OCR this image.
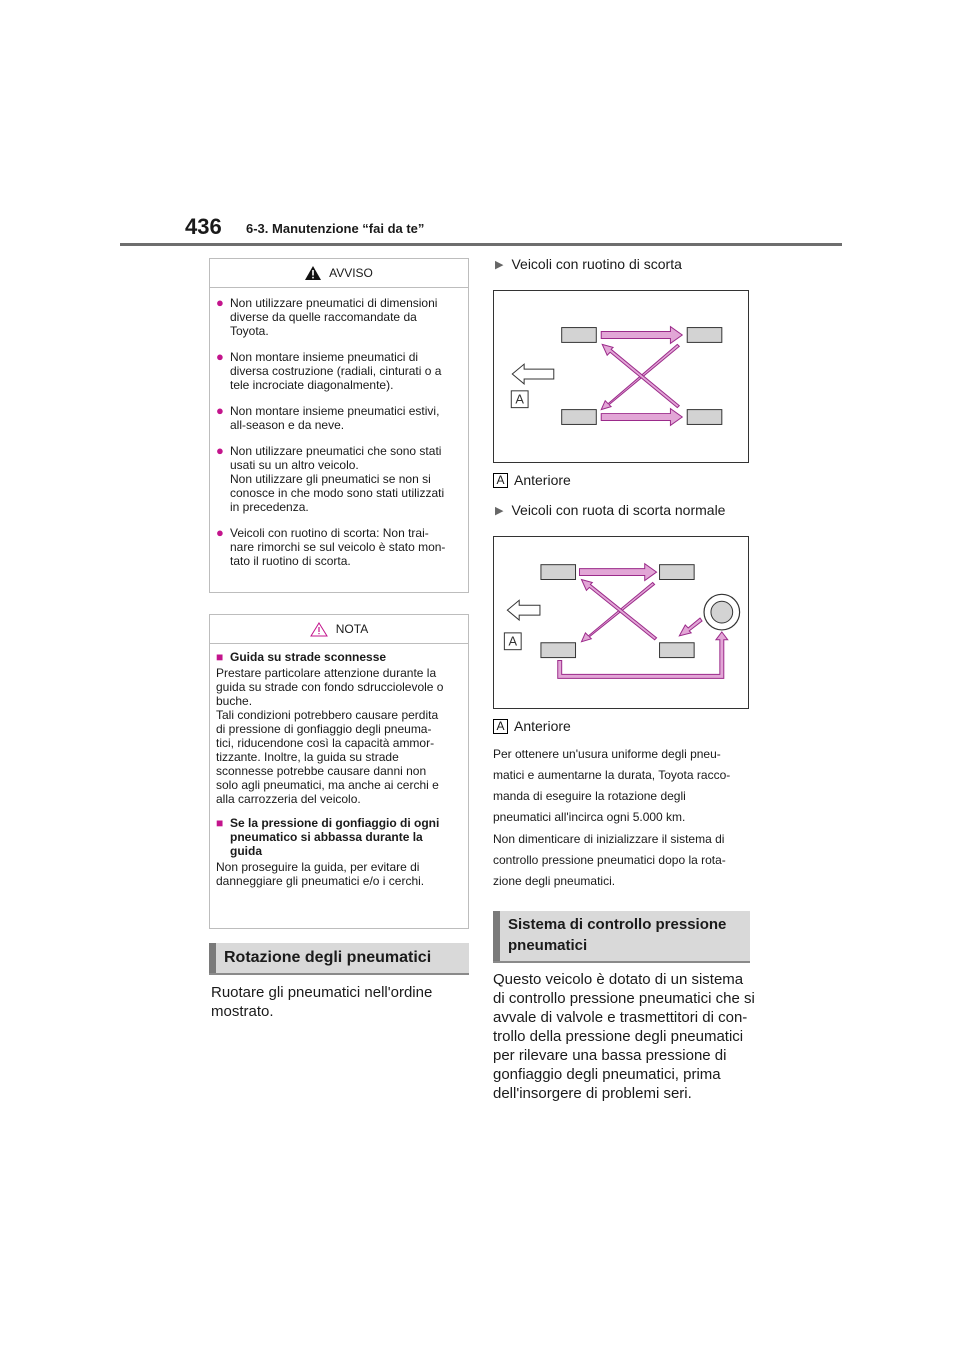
436 6-3. Manutenzione “fai da te”
AVVISO
● Non utilizzare pneumatici di dimensioni
diverse da quelle raccomandate da
Toyota.
● Non montare insieme pneumatici di
diversa costruzione (radiali, cinturati o a
tele incrociate diagonalmente).
● Non montare insieme pneumatici estivi,
all-season e da neve.
● Non utilizzare pneumatici che sono stati
usati su un altro veicolo.
Non utilizzare gli pneumatici se non si
conosce in che modo sono stati utilizzati
in precedenza.
● Veicoli con ruotino di scorta: Non trai-
nare rimorchi se sul veicolo è stato mon-
tato il ruotino di scorta.
NOTA
■ Guida su strade sconnesse
Prestare particolare attenzione durante la
guida su strade con fondo sdrucciolevole o
buche.
Tali condizioni potrebbero causare perdita
di pressione di gonfiaggio degli pneuma-
tici, riducendone così la capacità ammor-
tizzante. Inoltre, la guida su strade
sconnesse potrebbe causare danni non
solo agli pneumatici, ma anche ai cerchi e
alla carrozzeria del veicolo.
■ Se la pressione di gonfiaggio di ogni
pneumatico si abbassa durante la
guida
Non proseguire la guida, per evitare di
danneggiare gli pneumatici e/o i cerchi.
Rotazione degli pneumatici
Ruotare gli pneumatici nell'ordine
mostrato.
▶ Veicoli con ruotino di scorta
A
A Anteriore
▶ Veicoli con ruota di scorta normale
A
A Anteriore
Per ottenere un'usura uniforme degli pneu-
matici e aumentarne la durata, Toyota racco-
manda di eseguire la rotazione degli
pneumatici all'incirca ogni 5.000 km.
Non dimenticare di inizializzare il sistema di
controllo pressione pneumatici dopo la rota-
zione degli pneumatici.
Sistema di controllo pressione
pneumatici
Questo veicolo è dotato di un sistema
di controllo pressione pneumatici che si
avvale di valvole e trasmettitori di con-
trollo della pressione degli pneumatici
per rilevare una bassa pressione di
gonfiaggio degli pneumatici, prima
dell'insorgere di problemi seri.
